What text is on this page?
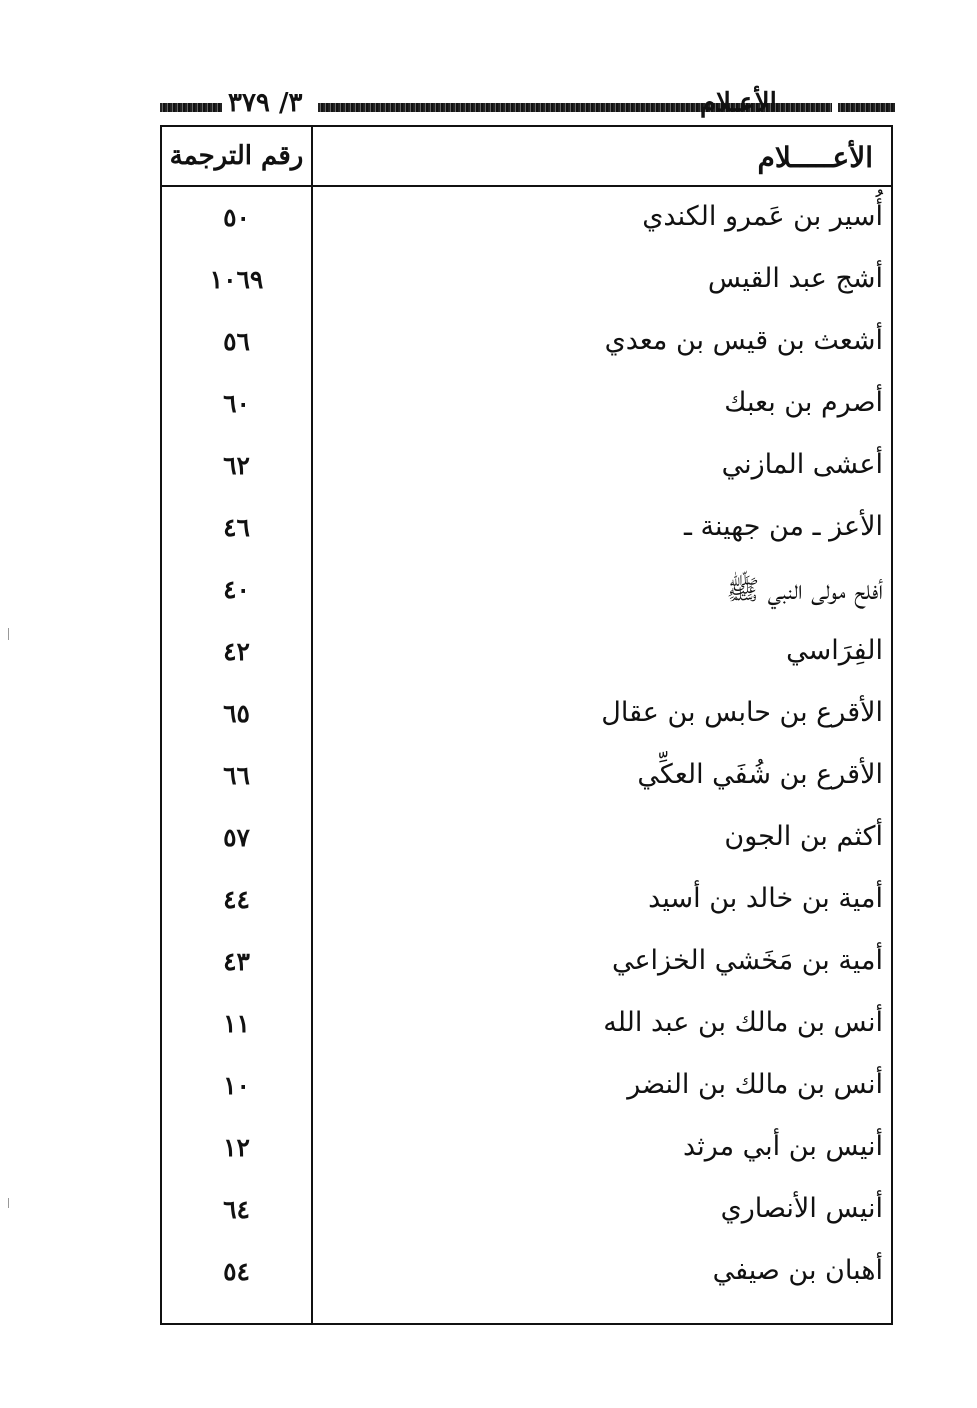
٣/ ٣٧٩	الأعـلام
رقم الترجمة	الأعـــــلام
٥٠	أُسير بن عَمرو الكندي
١٠٦٩	أشج عبد القيس
٥٦	أشعث بن قيس بن معدي
٦٠	أصرم بن بعبك
٦٢	أعشى المازني
٤٦	الأعز ـ من جهينة ـ
٤٠	أفلح مولى النبي ﷺ
٤٢	الفِرَاسي
٦٥	الأقرع بن حابس بن عقال
٦٦	الأقرع بن شُفَي العكِّي
٥٧	أكثم بن الجون
٤٤	أمية بن خالد بن أسيد
٤٣	أمية بن مَخَشي الخزاعي
١١	أنس بن مالك بن عبد الله
١٠	أنس بن مالك بن النضر
١٢	أنيس بن أبي مرثد
٦٤	أنيس الأنصاري
٥٤	أهبان بن صيفي
